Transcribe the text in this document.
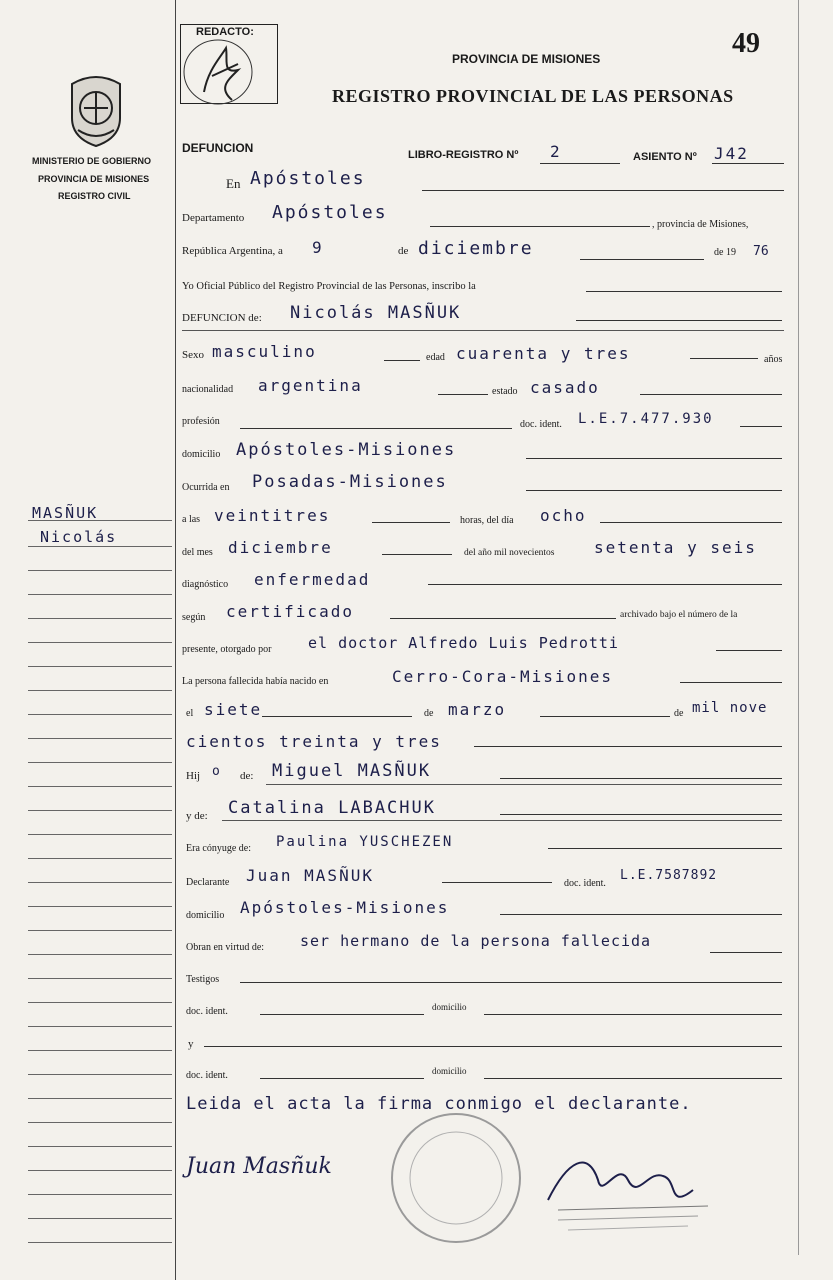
REDACTO:	49
PROVINCIA DE MISIONES
REGISTRO PROVINCIAL DE LAS PERSONAS
MINISTERIO DE GOBIERNO
PROVINCIA DE MISIONES
REGISTRO CIVIL
DEFUNCION	LIBRO-REGISTRO Nº 2	ASIENTO Nº J42
En Apóstoles
Departamento Apóstoles
, provincia de Misiones,
República Argentina, a 9	de diciembre	de 19 76
Yo Oficial Público del Registro Provincial de las Personas, inscribo la
DEFUNCION de: Nicolás MASÑUK
Sexo masculino	edad cuarenta y tres	años
nacionalidad argentina	estado casado
profesión	doc. ident. L.E.7.477.930
domicilio Apóstoles-Misiones
Ocurrida en Posadas-Misiones
a las veintitres	horas, del día ocho
del mes diciembre	del año mil novecientos setenta y seis
diagnóstico enfermedad
según certificado	archivado bajo el número de la
presente, otorgado por el doctor Alfredo Luis Pedrotti
La persona fallecida había nacido en	Cerro-Cora-Misiones
el siete	de marzo	de mil nove
cientos treinta y tres
Hij o de: Miguel MASÑUK
y de: Catalina LABACHUK
Era cónyuge de: Paulina YUSCHEZEN
Declarante Juan MASÑUK	doc. ident.
L.E.7587892
domicilio Apóstoles-Misiones
Obran en virtud de: ser hermano de la persona fallecida
Testigos
doc. ident.	domicilio
y
doc. ident.	domicilio
Leida el acta la firma conmigo el declarante.
Juan Masñuk
MASÑUK
Nicolás
